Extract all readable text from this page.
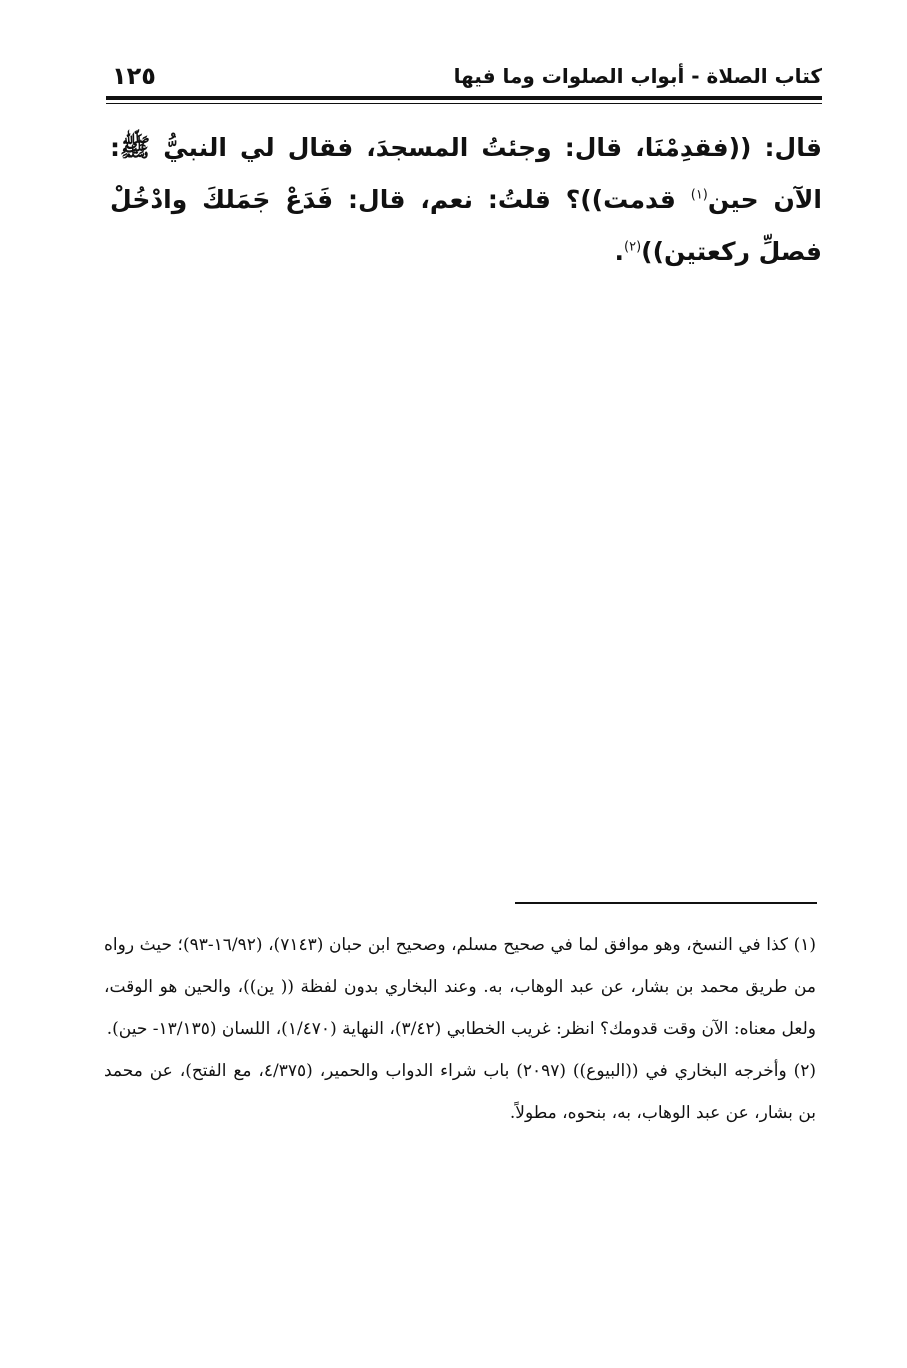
كتاب الصلاة - أبواب الصلوات وما فيها
١٢٥

قال: ((فقدِمْنَا، قال: وجئتُ المسجدَ، فقال لي النبيُّ ﷺ: الآن حين$^{(١)}$ قدمت))؟ قلتُ: نعم، قال: فَدَعْ جَمَلكَ وادْخُلْ فصلِّ ركعتين))$^{(٢)}$.

(١) كذا في النسخ، وهو موافق لما في صحيح مسلم، وصحيح ابن حبان (٧١٤٣)، (١٦/٩٢-٩٣)؛ حيث رواه من طريق محمد بن بشار، عن عبد الوهاب، به. وعند البخاري بدون لفظة (( ين))، والحين هو الوقت، ولعل معناه: الآن وقت قدومك؟ انظر: غريب الخطابي (٣/٤٢)، النهاية (١/٤٧٠)، اللسان (١٣/١٣٥- حين).

(٢) وأخرجه البخاري في ((البيوع)) (٢٠٩٧) باب شراء الدواب والحمير، (٤/٣٧٥، مع الفتح)، عن محمد بن بشار، عن عبد الوهاب، به، بنحوه، مطولاً.
